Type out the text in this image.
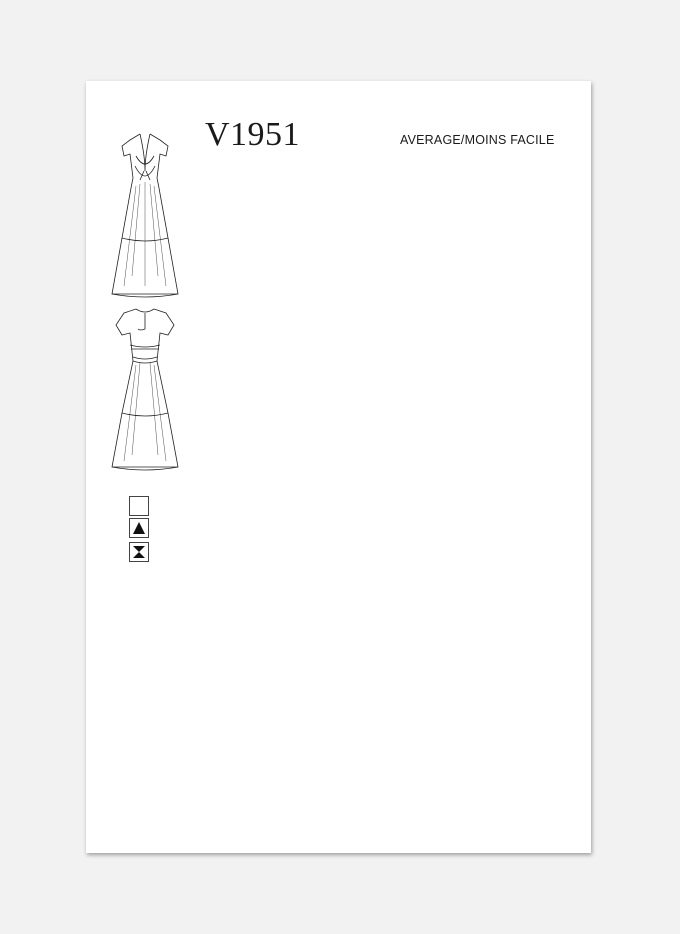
V1951	AVERAGE/MOINS FACILE
